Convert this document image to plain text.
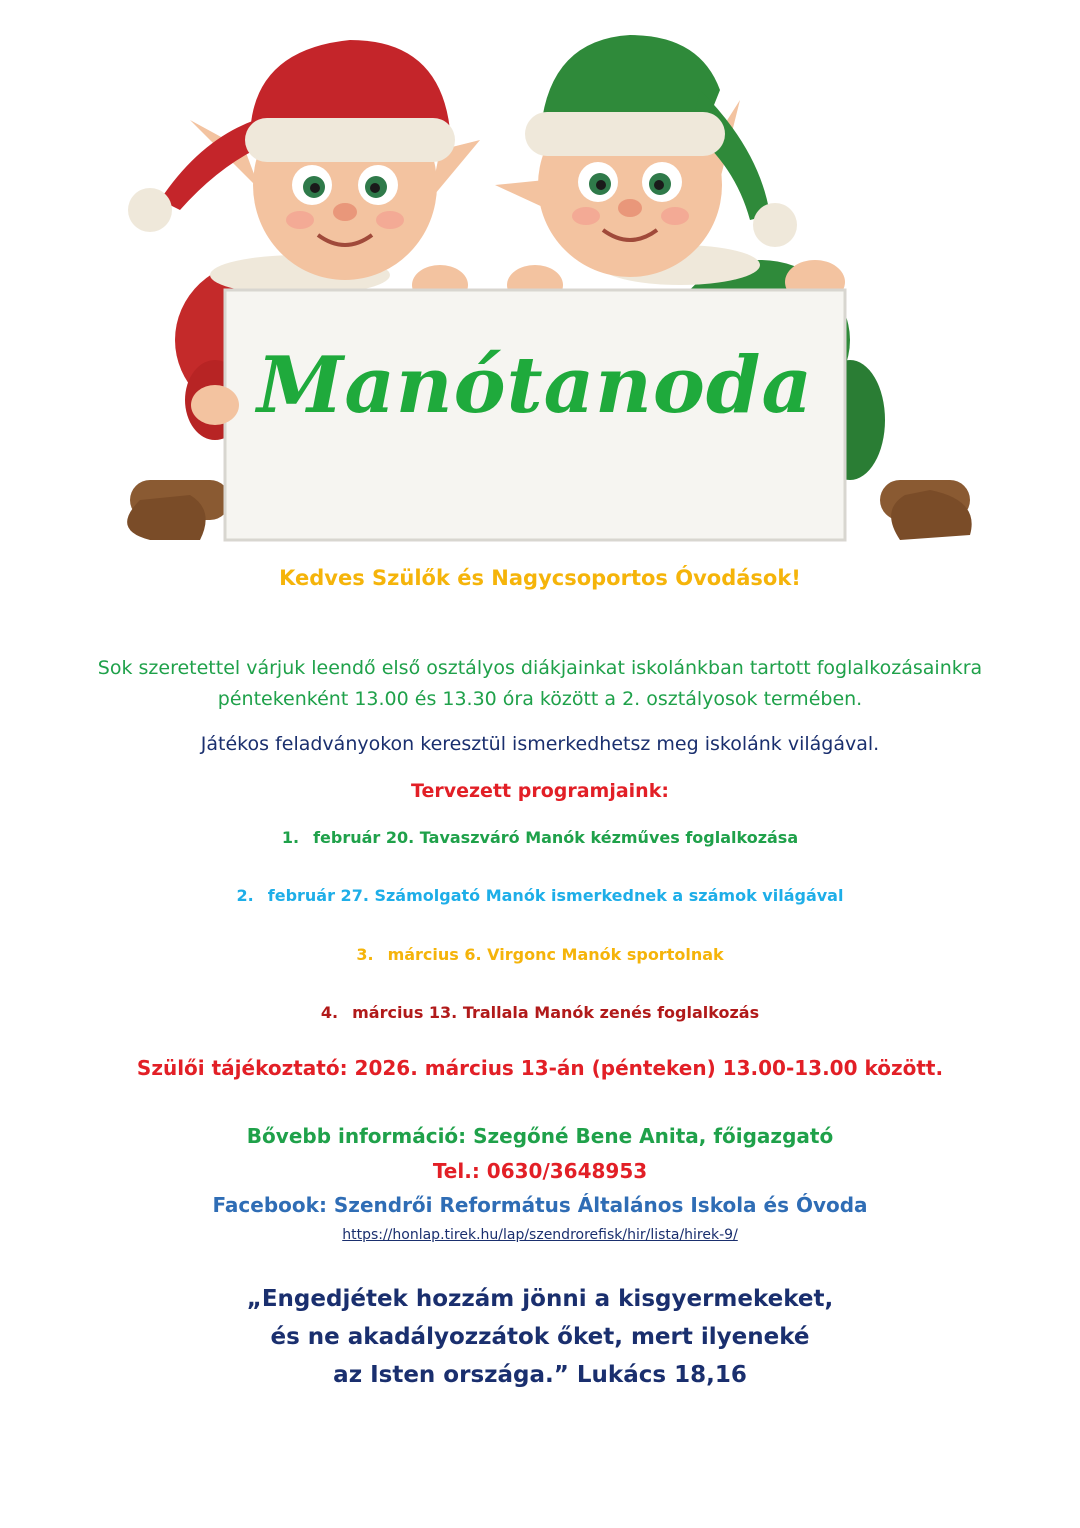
Manótanoda
Kedves Szülők és Nagycsoportos Óvodások!
Sok szeretettel várjuk leendő első osztályos diákjainkat iskolánkban tartott foglalkozásainkra
péntekenként 13.00 és 13.30 óra között a 2. osztályosok termében.
Játékos feladványokon keresztül ismerkedhetsz meg iskolánk világával.
Tervezett programjaink:
1. február 20. Tavaszváró Manók kézműves foglalkozása
2. február 27. Számolgató Manók ismerkednek a számok világával
3. március 6. Virgonc Manók sportolnak
4. március 13. Trallala Manók zenés foglalkozás
Szülői tájékoztató: 2026. március 13-án (pénteken) 13.00-13.00 között.
Bővebb információ: Szegőné Bene Anita, főigazgató
Tel.: 0630/3648953
Facebook: Szendrői Református Általános Iskola és Óvoda
https://honlap.tirek.hu/lap/szendrorefisk/hir/lista/hirek-9/
„Engedjétek hozzám jönni a kisgyermekeket,
és ne akadályozzátok őket, mert ilyeneké
az Isten országa.” Lukács 18,16
